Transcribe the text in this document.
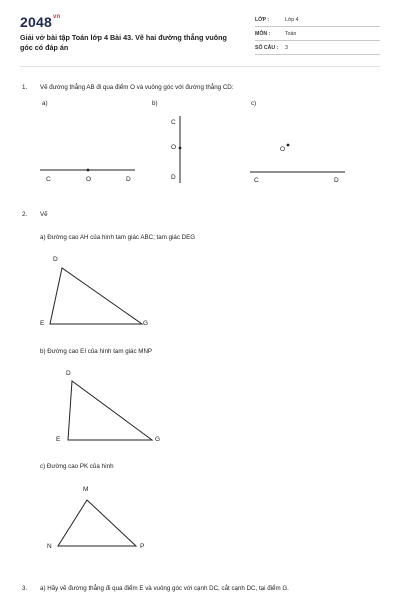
$2048^{vn}$
Giải vở bài tập Toán lớp 4 Bài 43. Vẽ hai đường thẳng vuông góc có đáp án
LỚP :	Lớp 4
MÔN :	Toán
SỐ CÂU : 3
1. Vẽ đường thẳng AB đi qua điểm O và vuông góc với đường thẳng CD:
a)
C	O	D
b)
C
O
D
c)
O
C	D
2. Vẽ
a) Đường cao AH của hình tam giác ABC; tam giác DEG
D
E	G
b) Đường cao EI của hình tam giác MNP
D
E	G
c) Đường cao PK của hình
M
N	P
3. a) Hãy vẽ đường thẳng đi qua điểm E và vuông góc với cạnh DC, cắt cạnh DC, tại điểm G.
